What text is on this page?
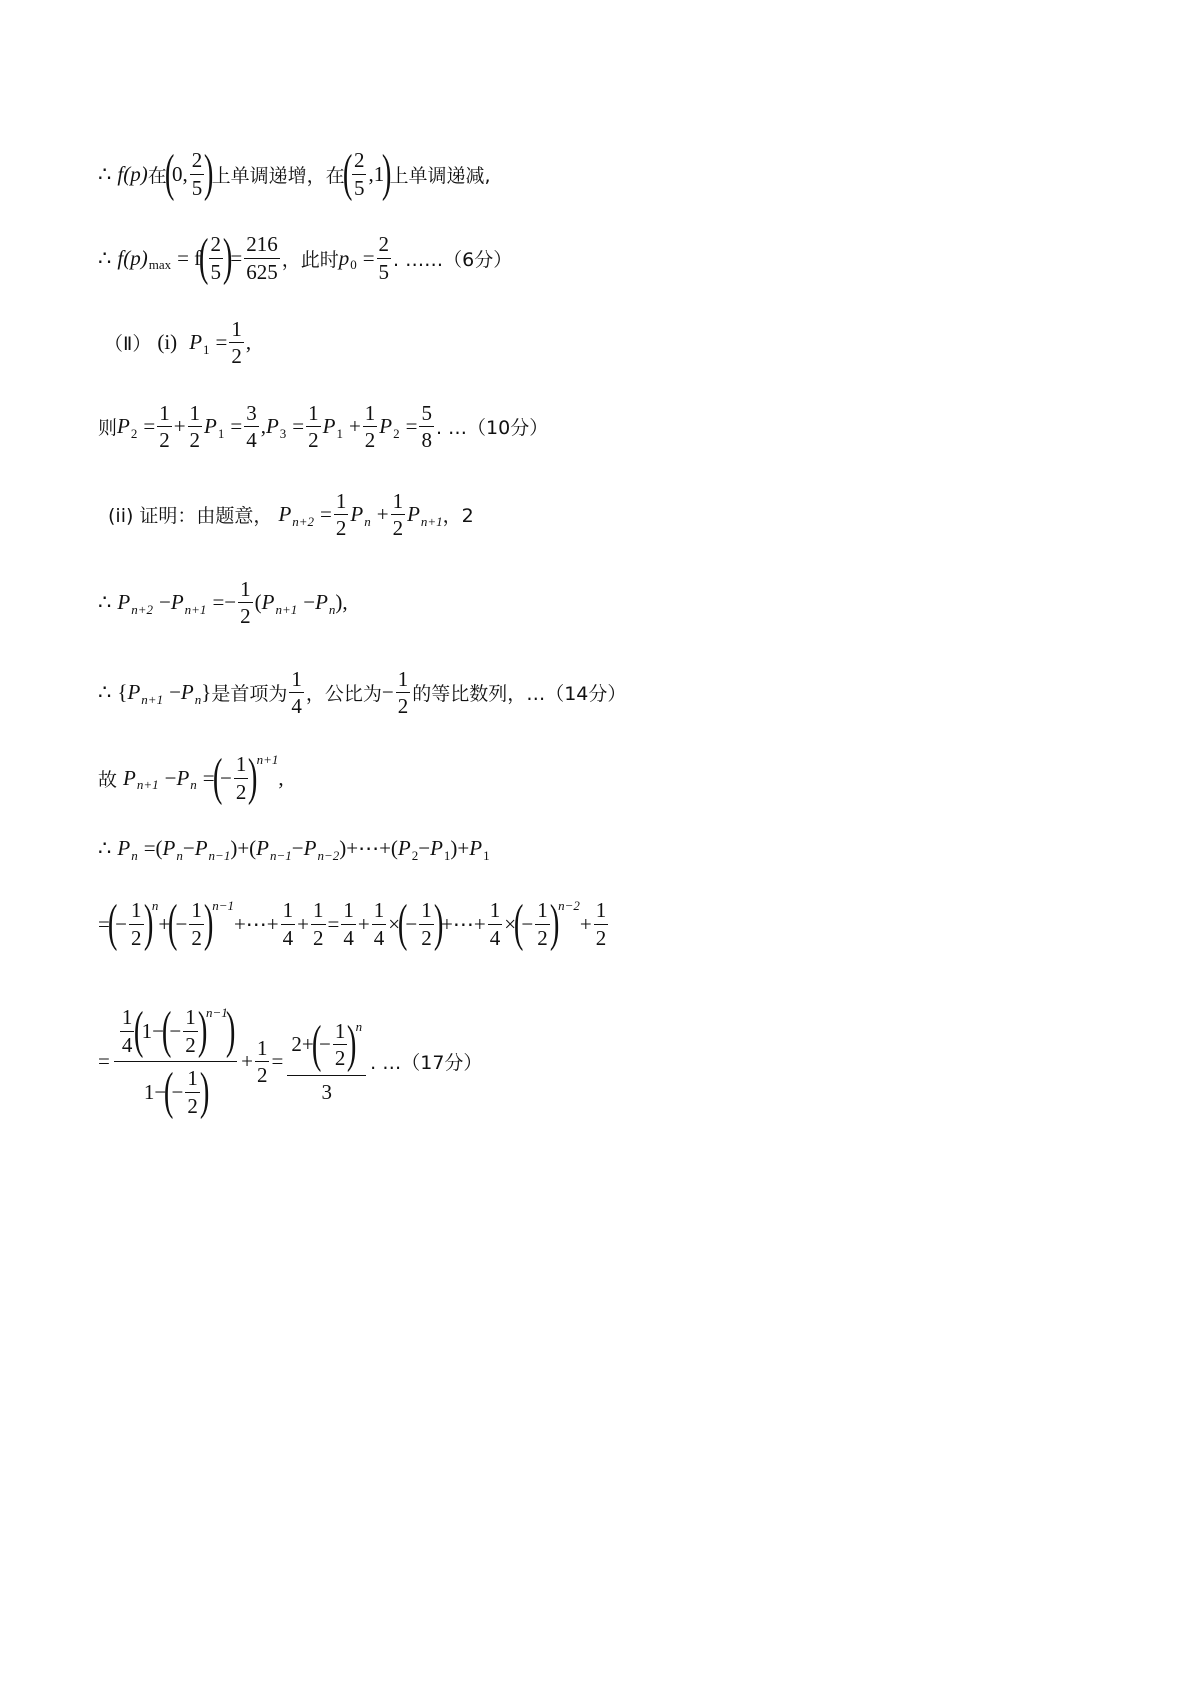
∴ f(p) 在
(
0, $\frac{2}{5}$ )
上单调递增，在
( $\frac{2}{5} ,1$
)
上单调递减,
∴ f(p) max = f
( $\frac{2}{5}$ )
= $\frac{216}{625}$ ，此时 p $0 = \frac{2}{5}$ . ……（6分）
（Ⅱ） (i) P $1 = \frac{1}{2}$ ,
则 P $2 = \frac{1}{2} + \frac{1}{2}$ P $1 = \frac{3}{4}$ , P $3 = \frac{1}{2}$ P $1 + \frac{1}{2}$ P $2 = \frac{5}{8}$ . …（10分）
(ii) 证明：由题意， P $n+2 = \frac{1}{2}$ P $n + \frac{1}{2}$ P n+1 ，2
∴ P n+2 − P n+1 = − $\frac{1}{2}$ ( P n+1 − P n ) ,
∴ { P n+1 − P n } 是首项为 $\frac{1}{4}$ ，公比为 − $\frac{1}{2}$ 的等比数列，…（14分）
故 P n+1 − P n =
(
− $\frac{1}{2}$ )
n+1
,
∴ P n = ( P n − P n−1 ) + ( P n−1 − P n−2 ) +⋯+ ( P 2 − P 1 ) + P 1
=
(
− $\frac{1}{2}$ )
n
+
(
− $\frac{1}{2}$ )
n−1
+⋯+ $\frac{1}{4} + \frac{1}{2} = \frac{1}{4} + \frac{1}{4}$ ×
(
− $\frac{1}{2}$ )
+⋯+ $\frac{1}{4}$ ×
(
− $\frac{1}{2}$ )
n−2
+ $\frac{1}{2}$
=
$\frac{1}{4}$ (
1 −
(
− $\frac{1}{2}$ )
n−1
)
1 −
(
− $\frac{1}{2}$ )
+ $\frac{1}{2}$ =
2 +
(
− $\frac{1}{2}$ )
n
3
. …（17分）
